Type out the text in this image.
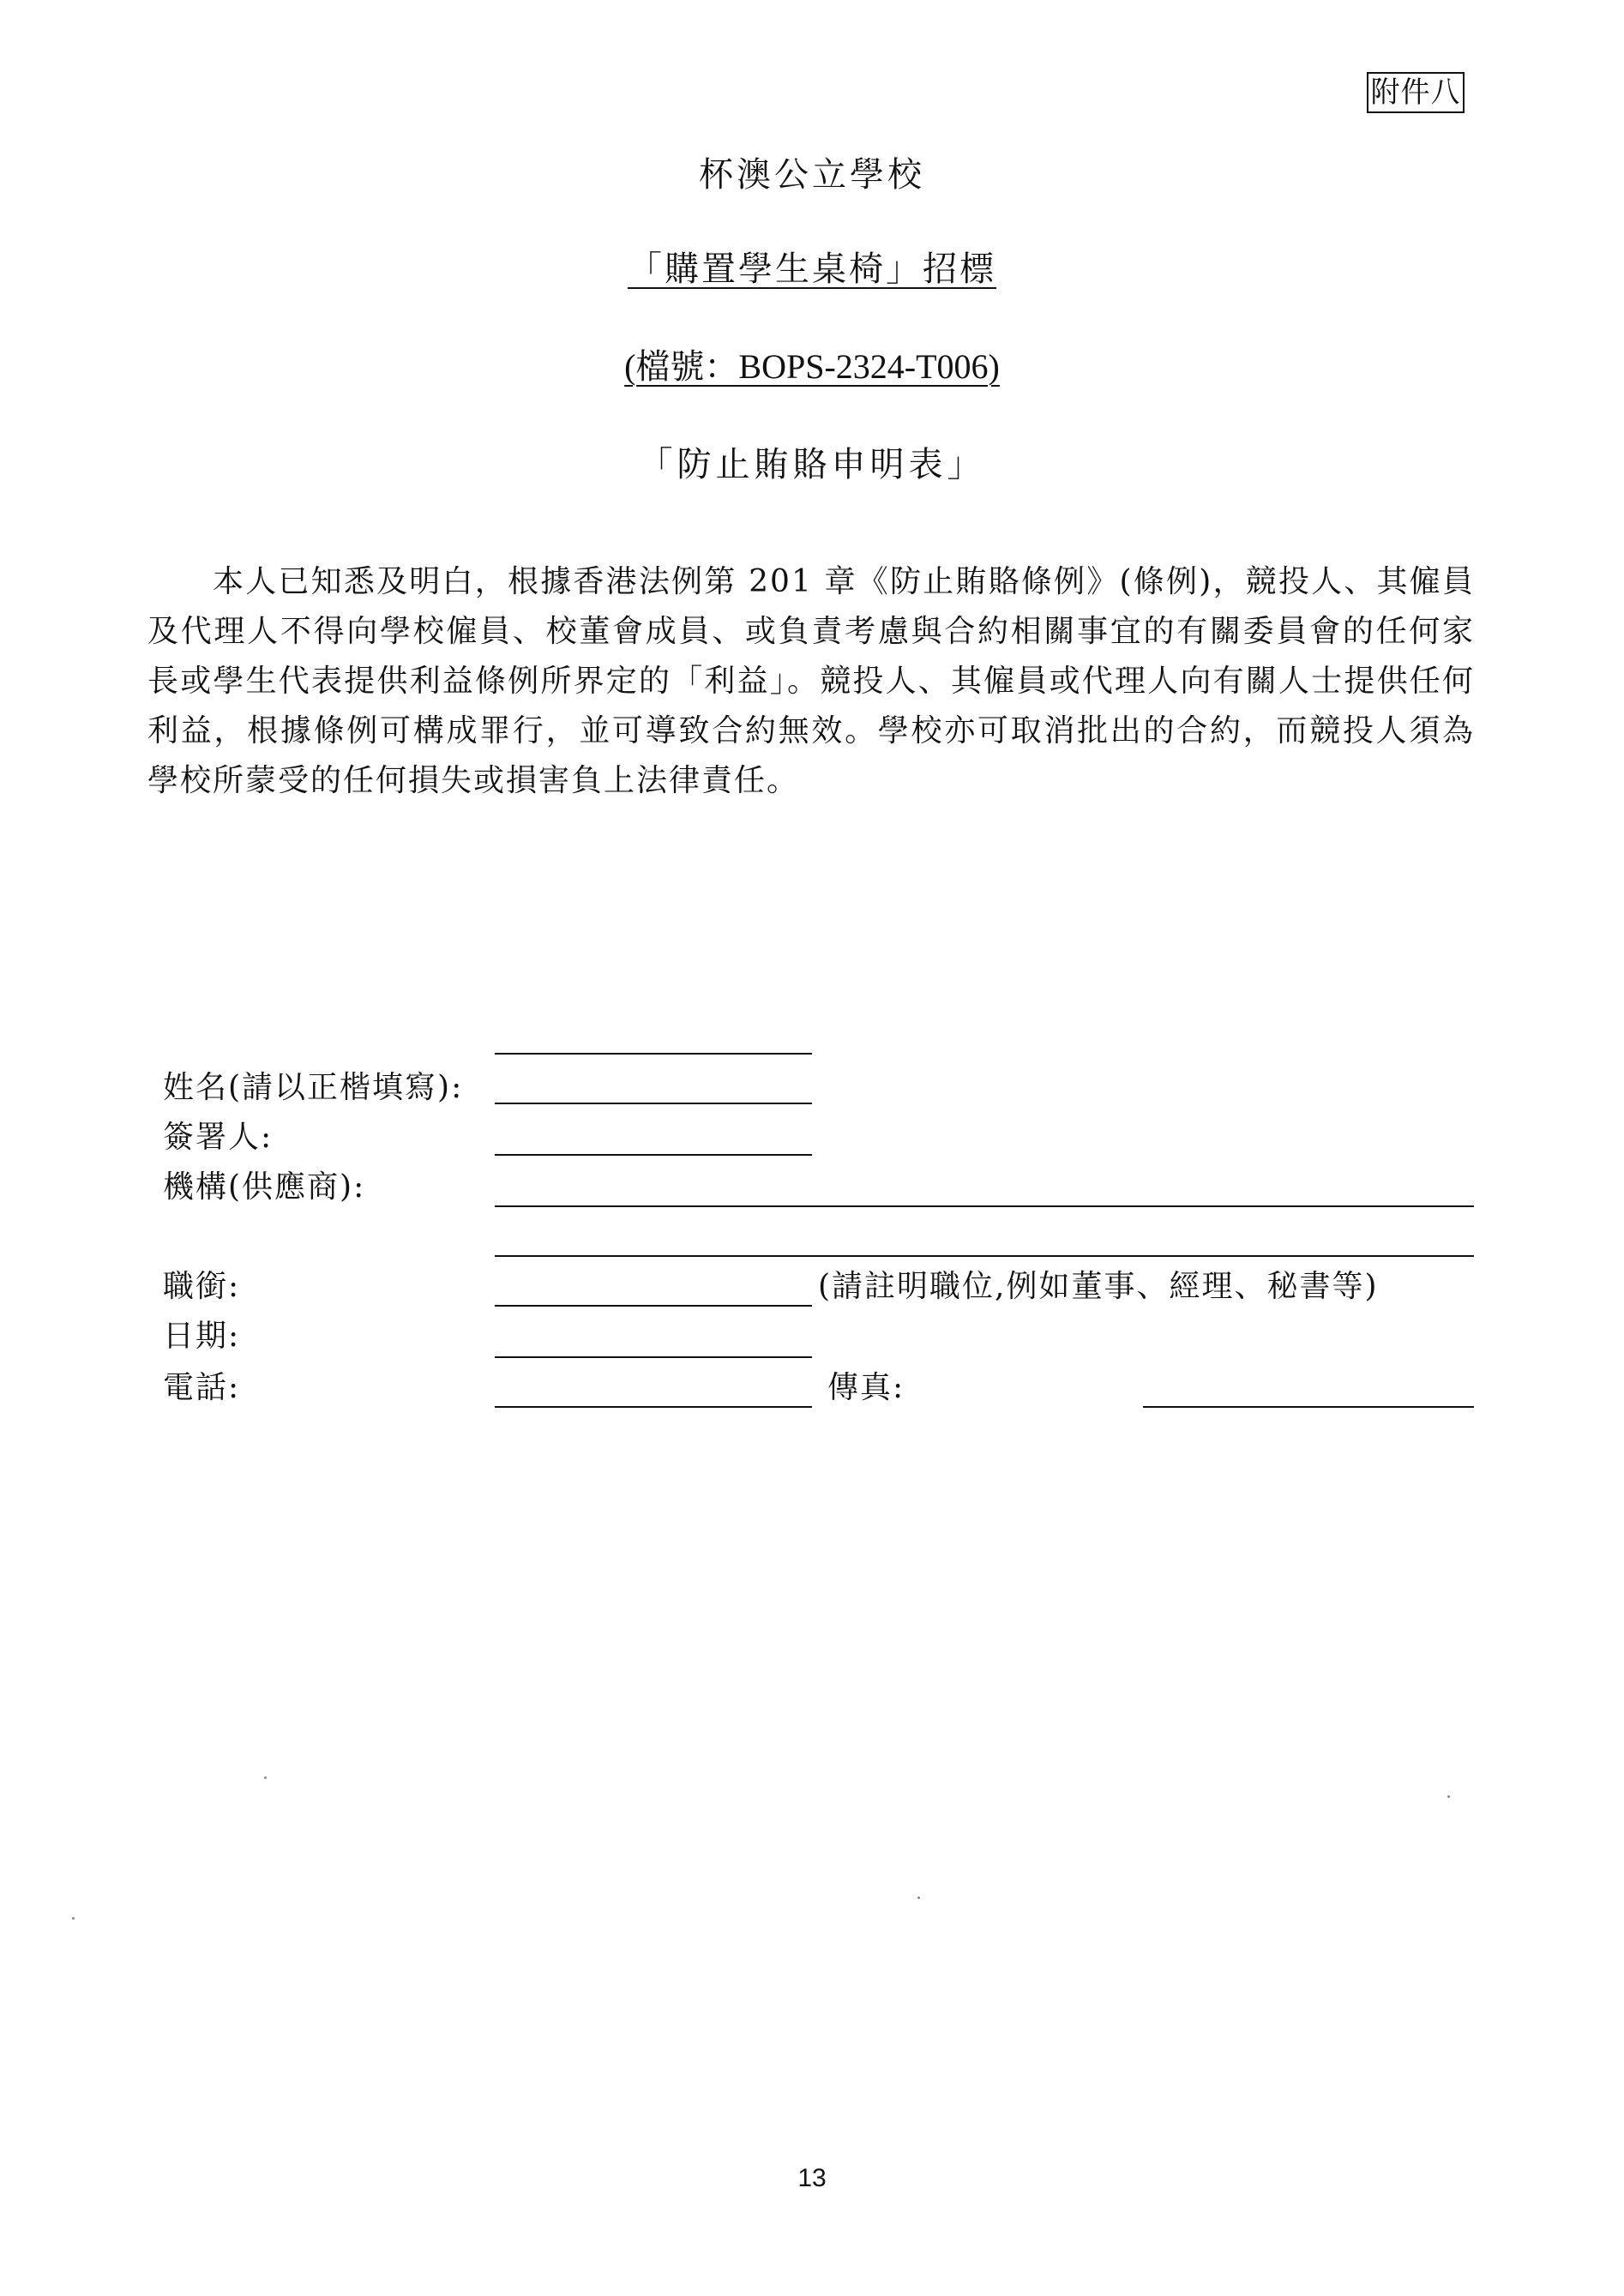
附件八
杯澳公立學校
「購置學生桌椅」招標
(檔號：BOPS-2324-T006)
「防止賄賂申明表」
本人已知悉及明白，根據香港法例第 201 章《防止賄賂條例》(條例)，競投人、其僱員及代理人不得向學校僱員、校董會成員、或負責考慮與合約相關事宜的有關委員會的任何家長或學生代表提供利益條例所界定的「利益」。競投人、其僱員或代理人向有關人士提供任何利益，根據條例可構成罪行，並可導致合約無效。學校亦可取消批出的合約，而競投人須為學校所蒙受的任何損失或損害負上法律責任。
姓名(請以正楷填寫):
簽署人:
機構(供應商):
職銜:	(請註明職位,例如董事、經理、秘書等)
日期:
電話:	傳真:
13
